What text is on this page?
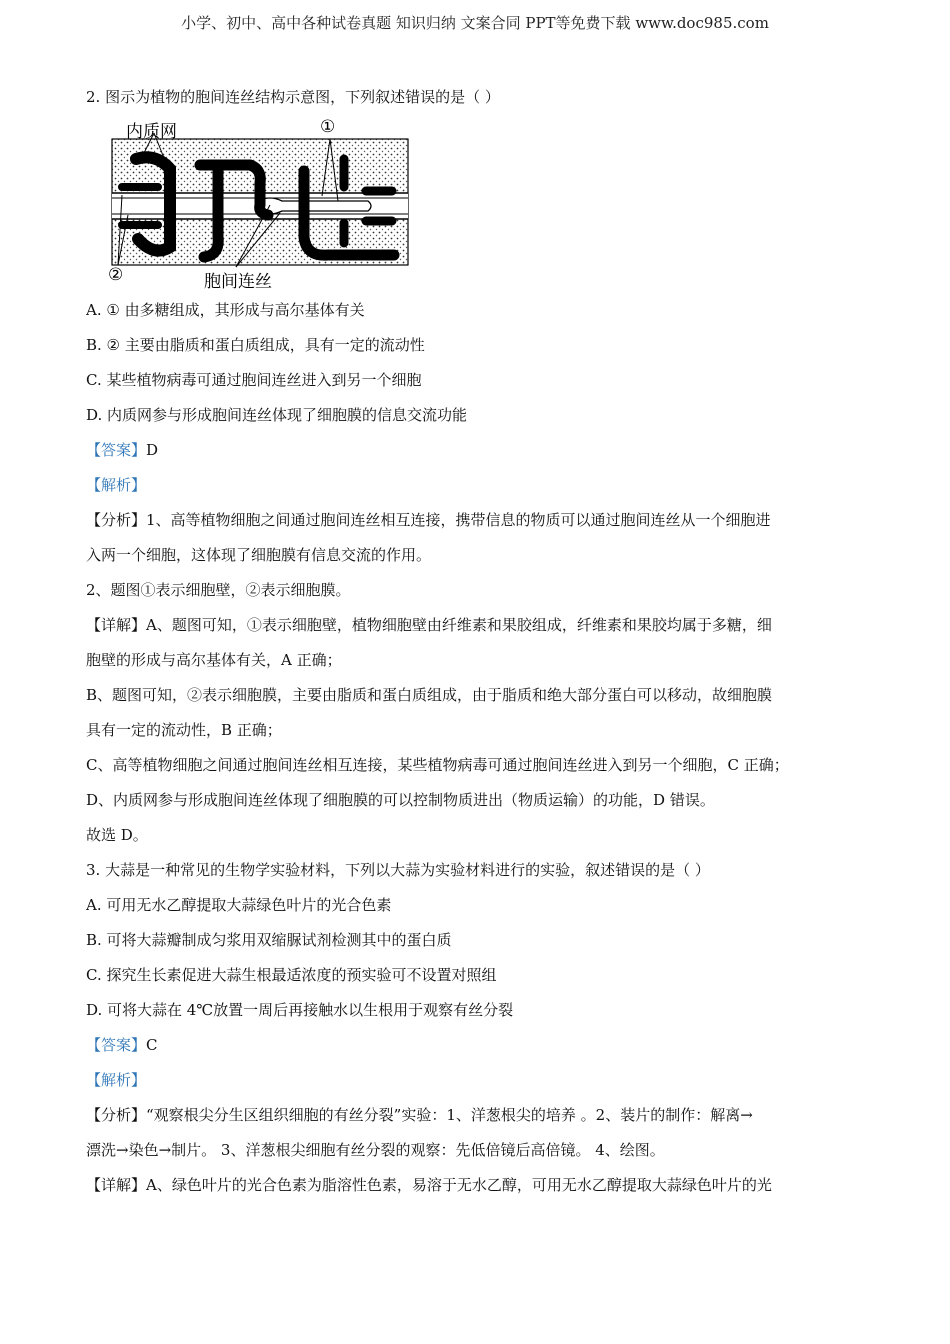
小学、初中、高中各种试卷真题 知识归纳 文案合同 PPT等免费下载 www.doc985.com
2. 图示为植物的胞间连丝结构示意图，下列叙述错误的是（ ）
内质网	①
②	胞间连丝
A. ① 由多糖组成，其形成与高尔基体有关
B. ② 主要由脂质和蛋白质组成，具有一定的流动性
C. 某些植物病毒可通过胞间连丝进入到另一个细胞
D. 内质网参与形成胞间连丝体现了细胞膜的信息交流功能
【答案】D
【解析】
【分析】1、高等植物细胞之间通过胞间连丝相互连接，携带信息的物质可以通过胞间连丝从一个细胞进
入两一个细胞，这体现了细胞膜有信息交流的作用。
2、题图①表示细胞壁，②表示细胞膜。
【详解】A、题图可知，①表示细胞壁，植物细胞壁由纤维素和果胶组成，纤维素和果胶均属于多糖，细
胞壁的形成与高尔基体有关，A 正确；
B、题图可知，②表示细胞膜，主要由脂质和蛋白质组成，由于脂质和绝大部分蛋白可以移动，故细胞膜
具有一定的流动性，B 正确；
C、高等植物细胞之间通过胞间连丝相互连接，某些植物病毒可通过胞间连丝进入到另一个细胞，C 正确；
D、内质网参与形成胞间连丝体现了细胞膜的可以控制物质进出（物质运输）的功能，D 错误。
故选 D。
3. 大蒜是一种常见的生物学实验材料，下列以大蒜为实验材料进行的实验，叙述错误的是（ ）
A. 可用无水乙醇提取大蒜绿色叶片的光合色素
B. 可将大蒜瓣制成匀浆用双缩脲试剂检测其中的蛋白质
C. 探究生长素促进大蒜生根最适浓度的预实验可不设置对照组
D. 可将大蒜在 4℃放置一周后再接触水以生根用于观察有丝分裂
【答案】C
【解析】
【分析】“观察根尖分生区组织细胞的有丝分裂”实验：1、洋葱根尖的培养 。2、装片的制作：解离→
漂洗→染色→制片。 3、洋葱根尖细胞有丝分裂的观察：先低倍镜后高倍镜。 4、绘图。
【详解】A、绿色叶片的光合色素为脂溶性色素，易溶于无水乙醇，可用无水乙醇提取大蒜绿色叶片的光
